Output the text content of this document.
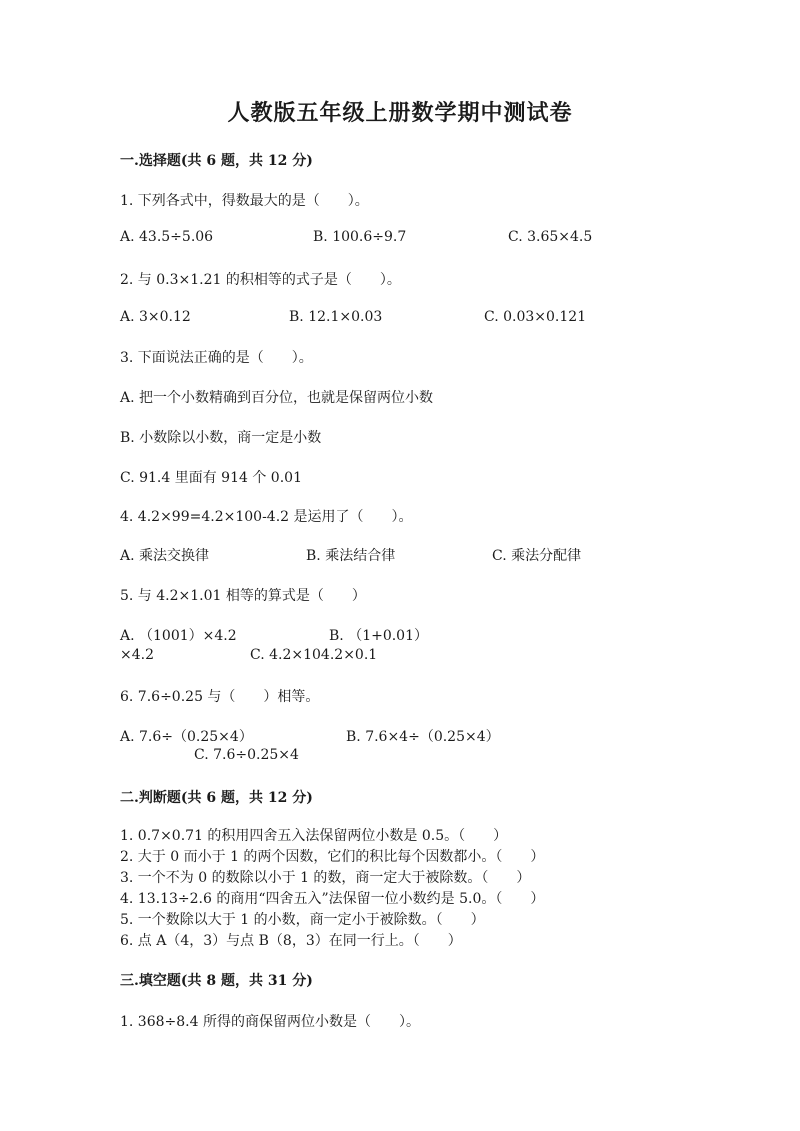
人教版五年级上册数学期中测试卷
一.选择题(共 6 题，共 12 分)
1. 下列各式中，得数最大的是（　　）。
A. 43.5÷5.06	B. 100.6÷9.7	C. 3.65×4.5
2. 与 0.3×1.21 的积相等的式子是（　　）。
A. 3×0.12	B. 12.1×0.03	C. 0.03×0.121
3. 下面说法正确的是（　　）。
A. 把一个小数精确到百分位，也就是保留两位小数
B. 小数除以小数，商一定是小数
C. 91.4 里面有 914 个 0.01
4. 4.2×99=4.2×100-4.2 是运用了（　　）。
A. 乘法交换律	B. 乘法结合律	C. 乘法分配律
5. 与 4.2×1.01 相等的算式是（　　）
A. （1001）×4.2	B. （1+0.01）
×4.2	C. 4.2×104.2×0.1
6. 7.6÷0.25 与（　　）相等。
A. 7.6÷（0.25×4）	B. 7.6×4÷（0.25×4）
C. 7.6÷0.25×4
二.判断题(共 6 题，共 12 分)
1. 0.7×0.71 的积用四舍五入法保留两位小数是 0.5。（　　）
2. 大于 0 而小于 1 的两个因数，它们的积比每个因数都小。（　　）
3. 一个不为 0 的数除以小于 1 的数，商一定大于被除数。（　　）
4. 13.13÷2.6 的商用“四舍五入”法保留一位小数约是 5.0。（　　）
5. 一个数除以大于 1 的小数，商一定小于被除数。（　　）
6. 点 A（4，3）与点 B（8，3）在同一行上。（　　）
三.填空题(共 8 题，共 31 分)
1. 368÷8.4 所得的商保留两位小数是（　　）。
